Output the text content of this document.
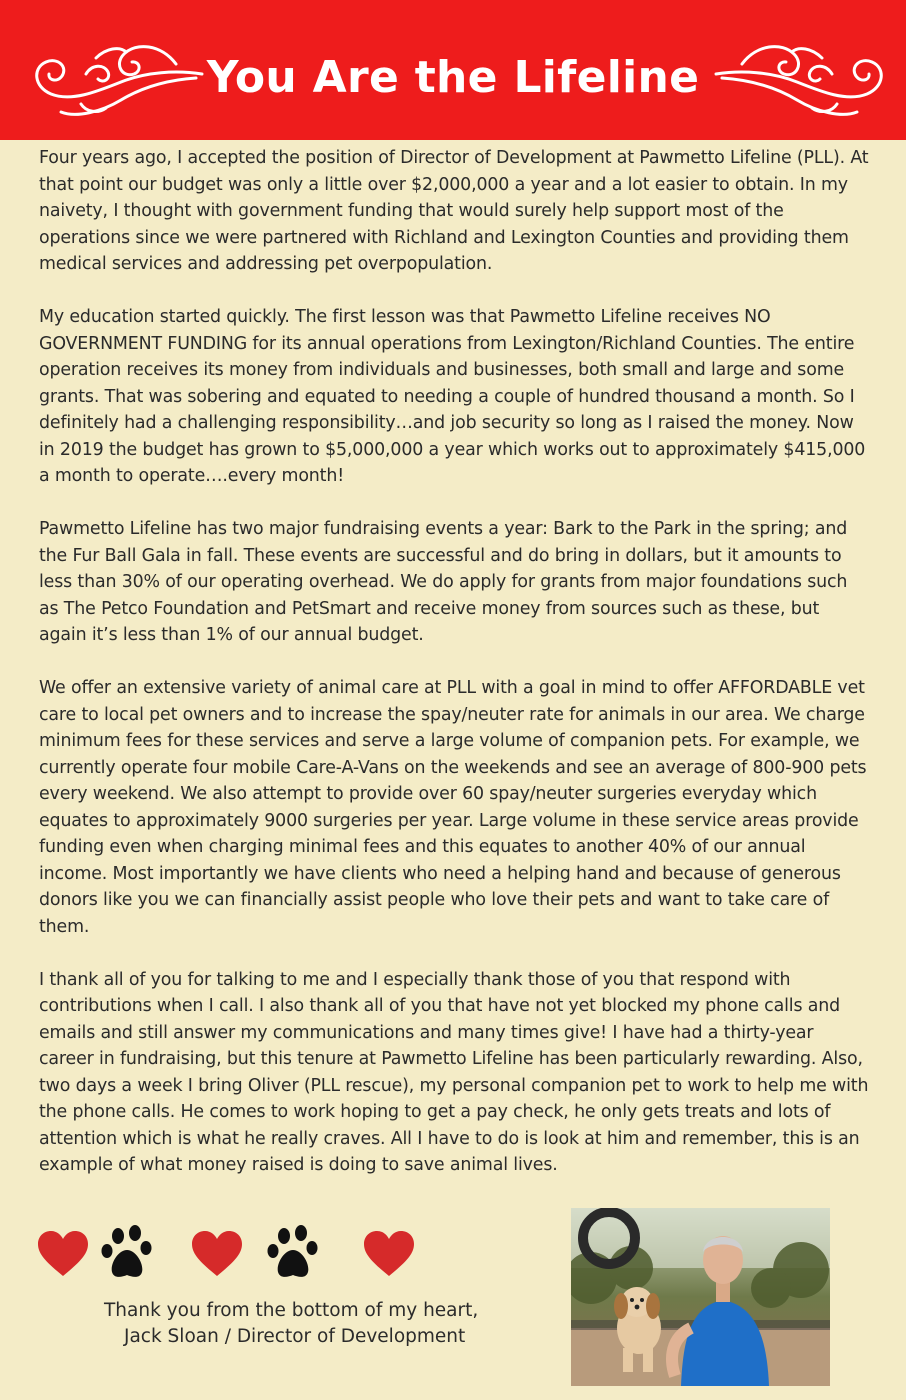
You Are the Lifeline

Four years ago, I accepted the position of Director of Development at Pawmetto Lifeline (PLL). At that point our budget was only a little over $2,000,000 a year and a lot easier to obtain. In my naivety, I thought with government funding that would surely help support most of the operations since we were partnered with Richland and Lexington Counties and providing them medical services and addressing pet overpopulation.

My education started quickly. The first lesson was that Pawmetto Lifeline receives NO GOVERNMENT FUNDING for its annual operations from Lexington/Richland Counties. The entire operation receives its money from individuals and businesses, both small and large and some grants. That was sobering and equated to needing a couple of hundred thousand a month. So I definitely had a challenging responsibility…and job security so long as I raised the money. Now in 2019 the budget has grown to $5,000,000 a year which works out to approximately $415,000 a month to operate….every month!

Pawmetto Lifeline has two major fundraising events a year: Bark to the Park in the spring; and the Fur Ball Gala in fall. These events are successful and do bring in dollars, but it amounts to less than 30% of our operating overhead. We do apply for grants from major foundations such as The Petco Foundation and PetSmart and receive money from sources such as these, but again it’s less than 1% of our annual budget.

We offer an extensive variety of animal care at PLL with a goal in mind to offer AFFORDABLE vet care to local pet owners and to increase the spay/neuter rate for animals in our area. We charge minimum fees for these services and serve a large volume of companion pets. For example, we currently operate four mobile Care-A-Vans on the weekends and see an average of 800-900 pets every weekend. We also attempt to provide over 60 spay/neuter surgeries everyday which equates to approximately 9000 surgeries per year. Large volume in these service areas provide funding even when charging minimal fees and this equates to another 40% of our annual income. Most importantly we have clients who need a helping hand and because of generous donors like you we can financially assist people who love their pets and want to take care of them.

I thank all of you for talking to me and I especially thank those of you that respond with contributions when I call. I also thank all of you that have not yet blocked my phone calls and emails and still answer my communications and many times give! I have had a thirty-year career in fundraising, but this tenure at Pawmetto Lifeline has been particularly rewarding. Also, two days a week I bring Oliver (PLL rescue), my personal companion pet to work to help me with the phone calls. He comes to work hoping to get a pay check, he only gets treats and lots of attention which is what he really craves. All I have to do is look at him and remember, this is an example of what money raised is doing to save animal lives.

Thank you from the bottom of my heart,
Jack Sloan / Director of Development
